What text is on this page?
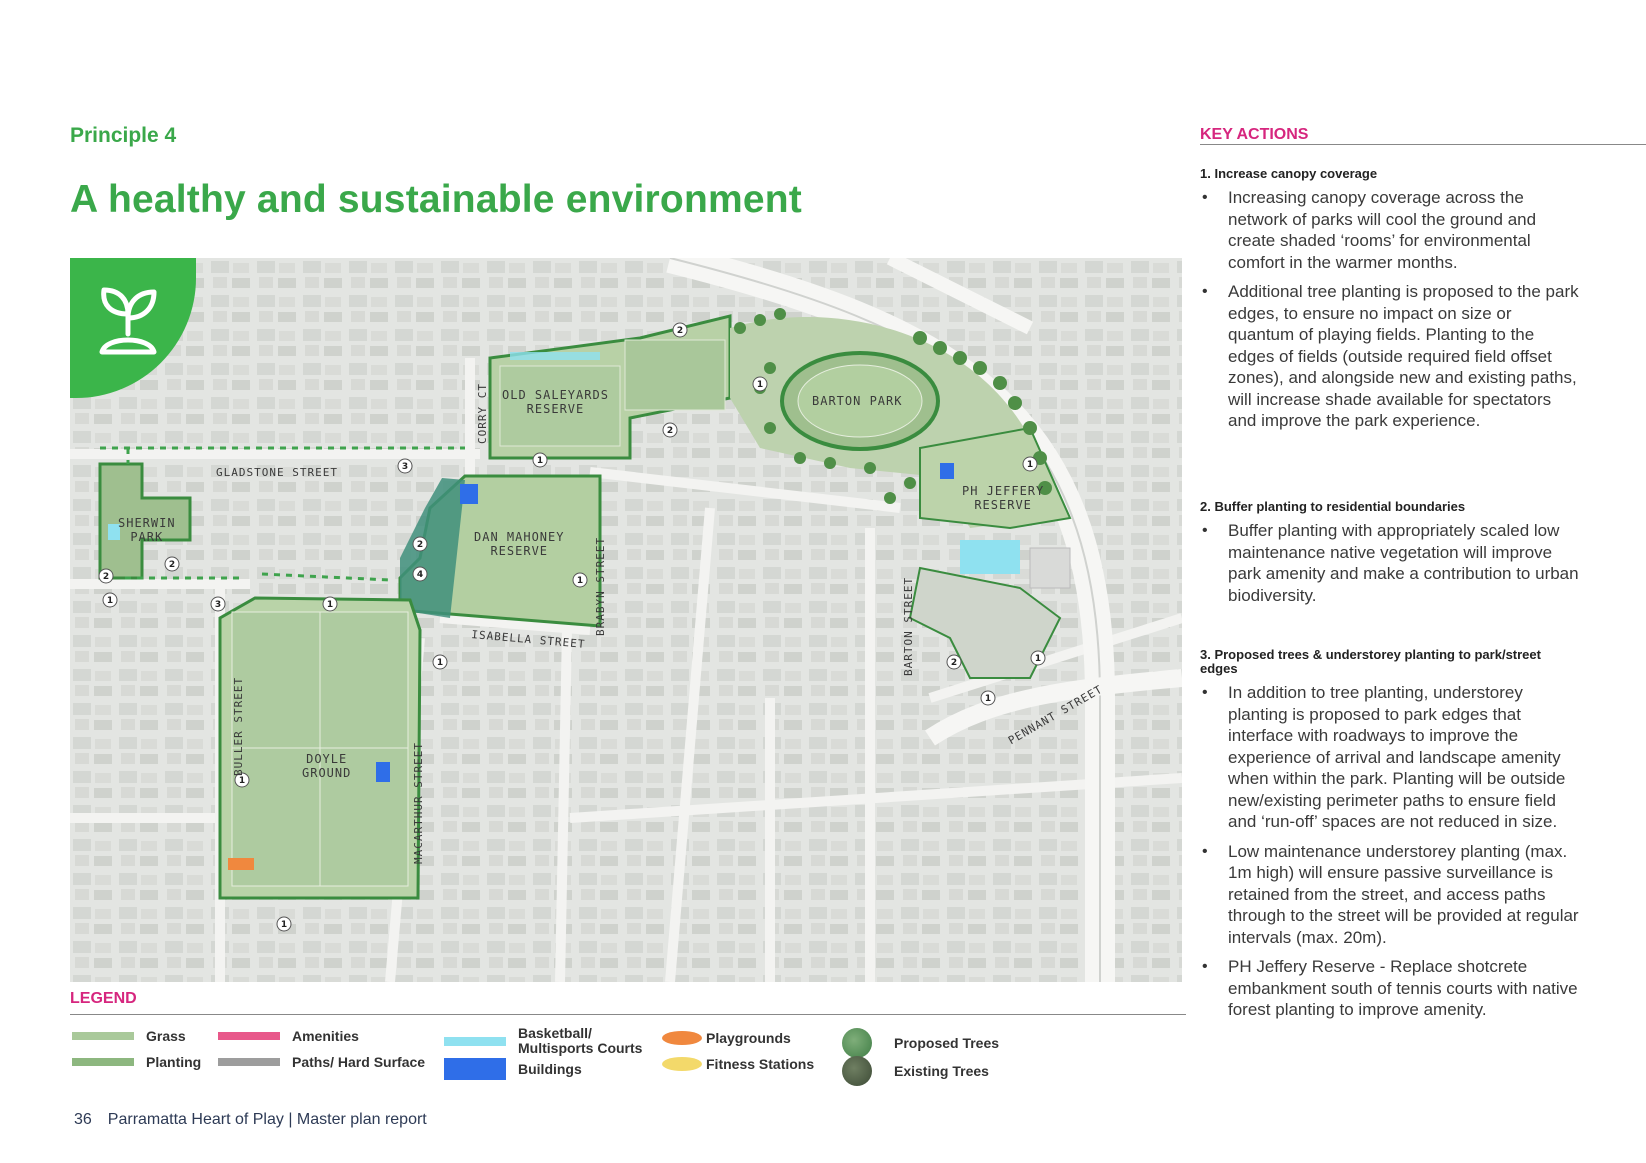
Principle 4
A healthy and sustainable environment
1
2
2
1
3
4
2
1
1
1
1
1
3
1
2
2
1
2	1
1
OLD SALEYARDS
RESERVE
BARTON PARK
PH JEFFERY
RESERVE
SHERWIN
PARK	DAN MAHONEY
RESERVE
DOYLE
GROUND
GLADSTONE STREET
CORRY CT
BRABYN STREET
ISABELLA STREET	BARTON STREET
PENNANT STREET
BULLER STREET
MACARTHUR STREET
LEGEND
Grass
Planting
Amenities
Paths/ Hard Surface
Basketball/ Multisports Courts
Buildings
Playgrounds
Fitness Stations
Proposed Trees
Existing Trees
36 Parramatta Heart of Play | Master plan report
KEY ACTIONS
1. Increase canopy coverage
• Increasing canopy coverage across the network of parks will cool the ground and create shaded ‘rooms’ for environmental comfort in the warmer months.
• Additional tree planting is proposed to the park edges, to ensure no impact on size or quantum of playing fields. Planting to the edges of fields (outside required field offset zones), and alongside new and existing paths, will increase shade available for spectators and improve the park experience.
2. Buffer planting to residential boundaries
• Buffer planting with appropriately scaled low maintenance native vegetation will improve park amenity and make a contribution to urban biodiversity.
3. Proposed trees & understorey planting to park/street edges
• In addition to tree planting, understorey planting is proposed to park edges that interface with roadways to improve the experience of arrival and landscape amenity when within the park. Planting will be outside new/existing perimeter paths to ensure field and ‘run-off’ spaces are not reduced in size.
• Low maintenance understorey planting (max. 1m high) will ensure passive surveillance is retained from the street, and access paths through to the street will be provided at regular intervals (max. 20m).
• PH Jeffery Reserve - Replace shotcrete embankment south of tennis courts with native forest planting to improve amenity.
